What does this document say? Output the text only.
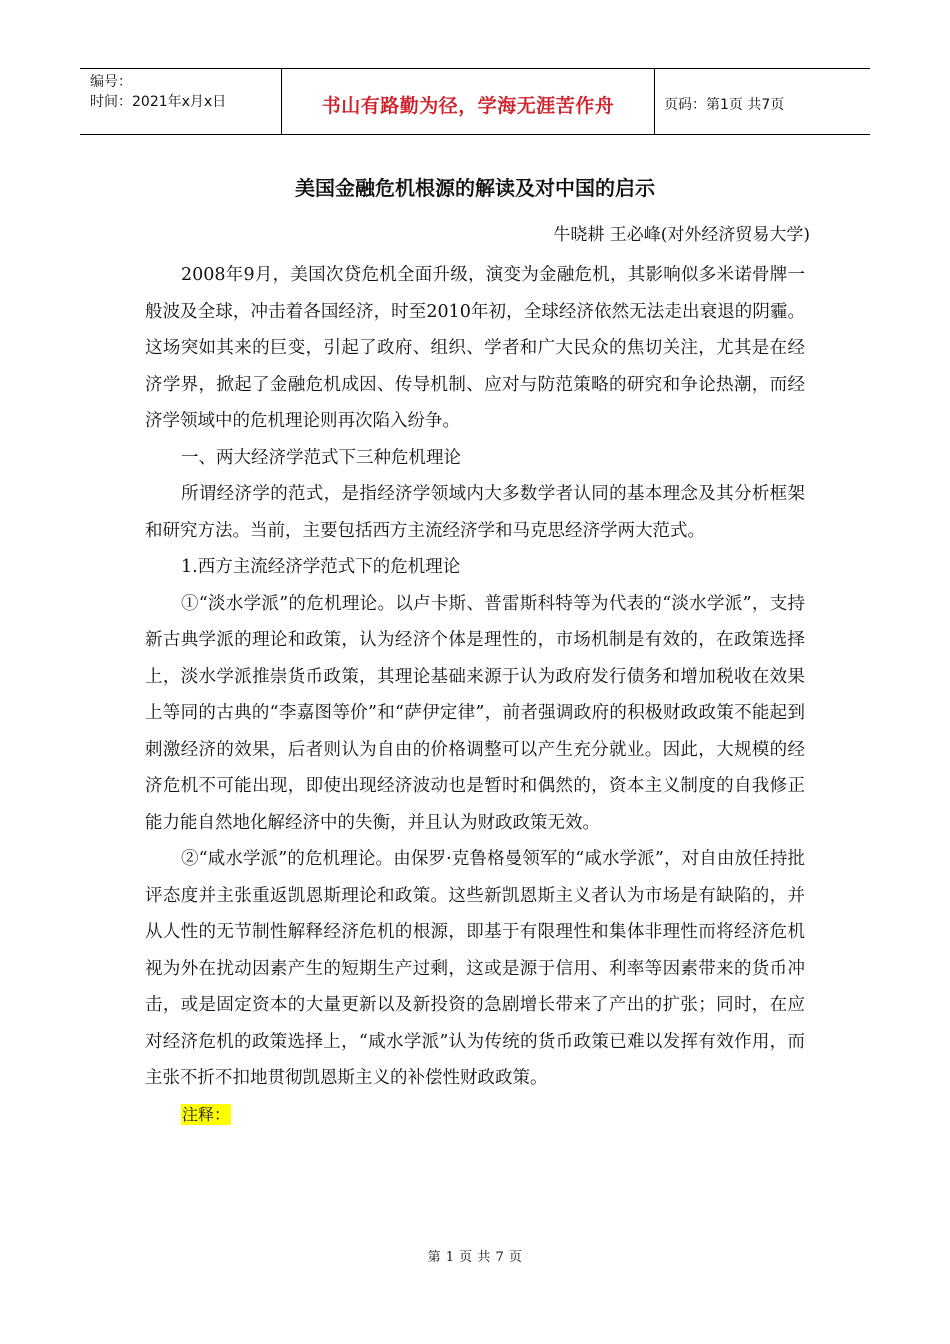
编号：
时间：2021年x月x日	书山有路勤为径，学海无涯苦作舟	页码：第1页 共7页
美国金融危机根源的解读及对中国的启示
牛晓耕 王必峰(对外经济贸易大学)

2008年9月，美国次贷危机全面升级，演变为金融危机，其影响似多米诺骨牌一般波及全球，冲击着各国经济，时至2010年初，全球经济依然无法走出衰退的阴霾。这场突如其来的巨变，引起了政府、组织、学者和广大民众的焦切关注，尤其是在经济学界，掀起了金融危机成因、传导机制、应对与防范策略的研究和争论热潮，而经济学领域中的危机理论则再次陷入纷争。

一、两大经济学范式下三种危机理论

所谓经济学的范式，是指经济学领域内大多数学者认同的基本理念及其分析框架和研究方法。当前，主要包括西方主流经济学和马克思经济学两大范式。

1.西方主流经济学范式下的危机理论

①“淡水学派”的危机理论。以卢卡斯、普雷斯科特等为代表的“淡水学派”，支持新古典学派的理论和政策，认为经济个体是理性的，市场机制是有效的，在政策选择上，淡水学派推崇货币政策，其理论基础来源于认为政府发行债务和增加税收在效果上等同的古典的“李嘉图等价”和“萨伊定律”，前者强调政府的积极财政政策不能起到刺激经济的效果，后者则认为自由的价格调整可以产生充分就业。因此，大规模的经济危机不可能出现，即使出现经济波动也是暂时和偶然的，资本主义制度的自我修正能力能自然地化解经济中的失衡，并且认为财政政策无效。

②“咸水学派”的危机理论。由保罗·克鲁格曼领军的“咸水学派”，对自由放任持批评态度并主张重返凯恩斯理论和政策。这些新凯恩斯主义者认为市场是有缺陷的，并从人性的无节制性解释经济危机的根源，即基于有限理性和集体非理性而将经济危机视为外在扰动因素产生的短期生产过剩，这或是源于信用、利率等因素带来的货币冲击，或是固定资本的大量更新以及新投资的急剧增长带来了产出的扩张；同时，在应对经济危机的政策选择上，“咸水学派”认为传统的货币政策已难以发挥有效作用，而主张不折不扣地贯彻凯恩斯主义的补偿性财政政策。

注释：
第 1 页 共 7 页
